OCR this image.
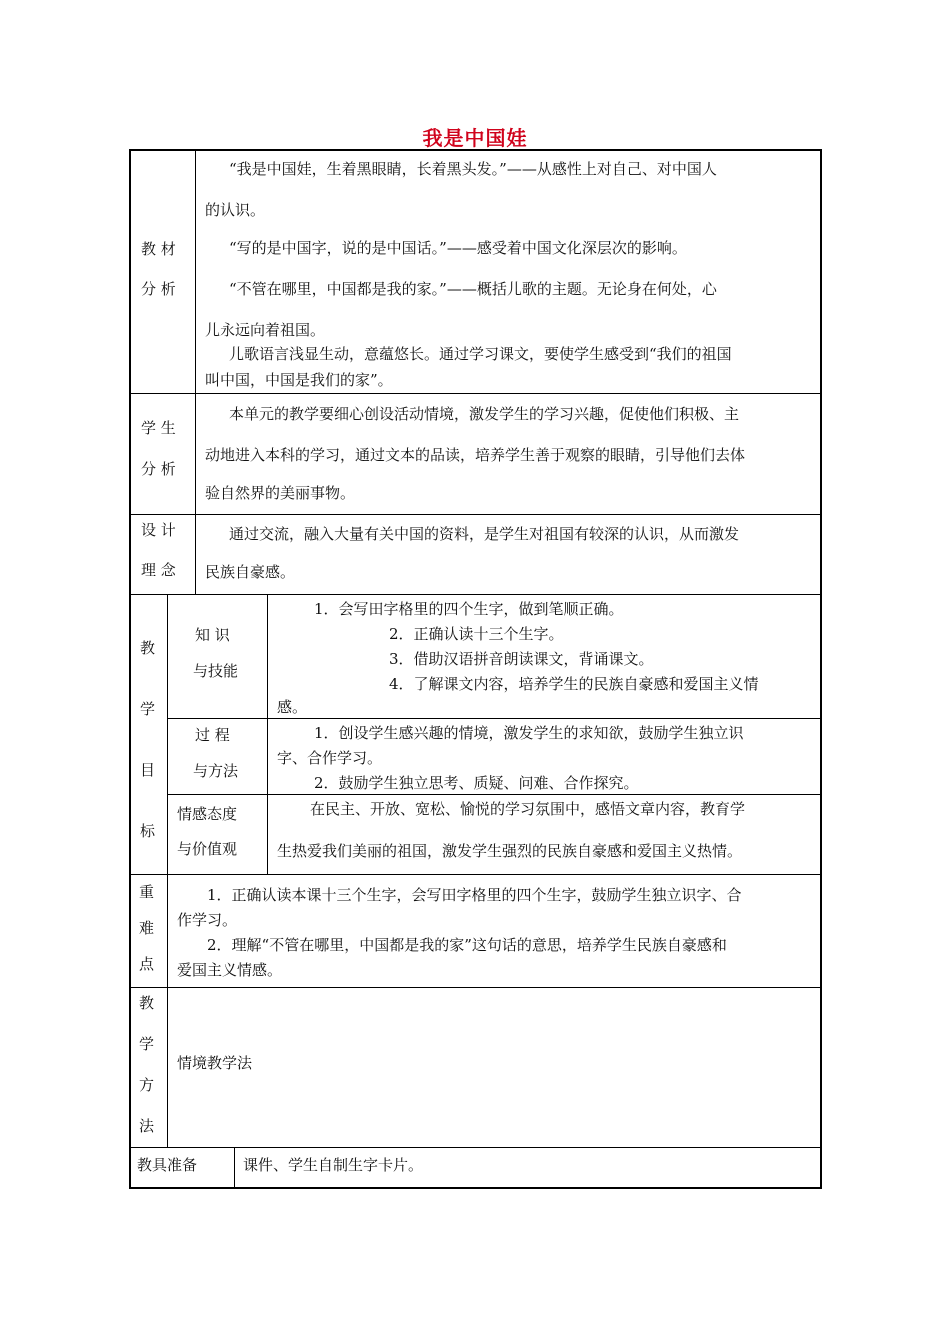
我是中国娃
教 材
分 析
“我是中国娃，生着黑眼睛，长着黑头发。”——从感性上对自己、对中国人
的认识。
“写的是中国字，说的是中国话。”——感受着中国文化深层次的影响。
“不管在哪里，中国都是我的家。”——概括儿歌的主题。无论身在何处，心
儿永远向着祖国。
儿歌语言浅显生动，意蕴悠长。通过学习课文，要使学生感受到“我们的祖国
叫中国，中国是我们的家”。
学 生
分 析
本单元的教学要细心创设活动情境，激发学生的学习兴趣，促使他们积极、主
动地进入本科的学习，通过文本的品读，培养学生善于观察的眼睛，引导他们去体
验自然界的美丽事物。
设 计
理 念
通过交流，融入大量有关中国的资料，是学生对祖国有较深的认识，从而激发
民族自豪感。
教
学
目
标
知 识
与技能
1．会写田字格里的四个生字，做到笔顺正确。
2．正确认读十三个生字。
3．借助汉语拼音朗读课文，背诵课文。
4．了解课文内容，培养学生的民族自豪感和爱国主义情
感。
过 程
与方法
1．创设学生感兴趣的情境，激发学生的求知欲，鼓励学生独立识
字、合作学习。
2．鼓励学生独立思考、质疑、问难、合作探究。
情感态度
与价值观
在民主、开放、宽松、愉悦的学习氛围中，感悟文章内容，教育学
生热爱我们美丽的祖国，激发学生强烈的民族自豪感和爱国主义热情。
重
难
点
1．正确认读本课十三个生字，会写田字格里的四个生字，鼓励学生独立识字、合
作学习。
2．理解“不管在哪里，中国都是我的家”这句话的意思，培养学生民族自豪感和
爱国主义情感。
教
学
方
法
情境教学法
教具准备	课件、学生自制生字卡片。
